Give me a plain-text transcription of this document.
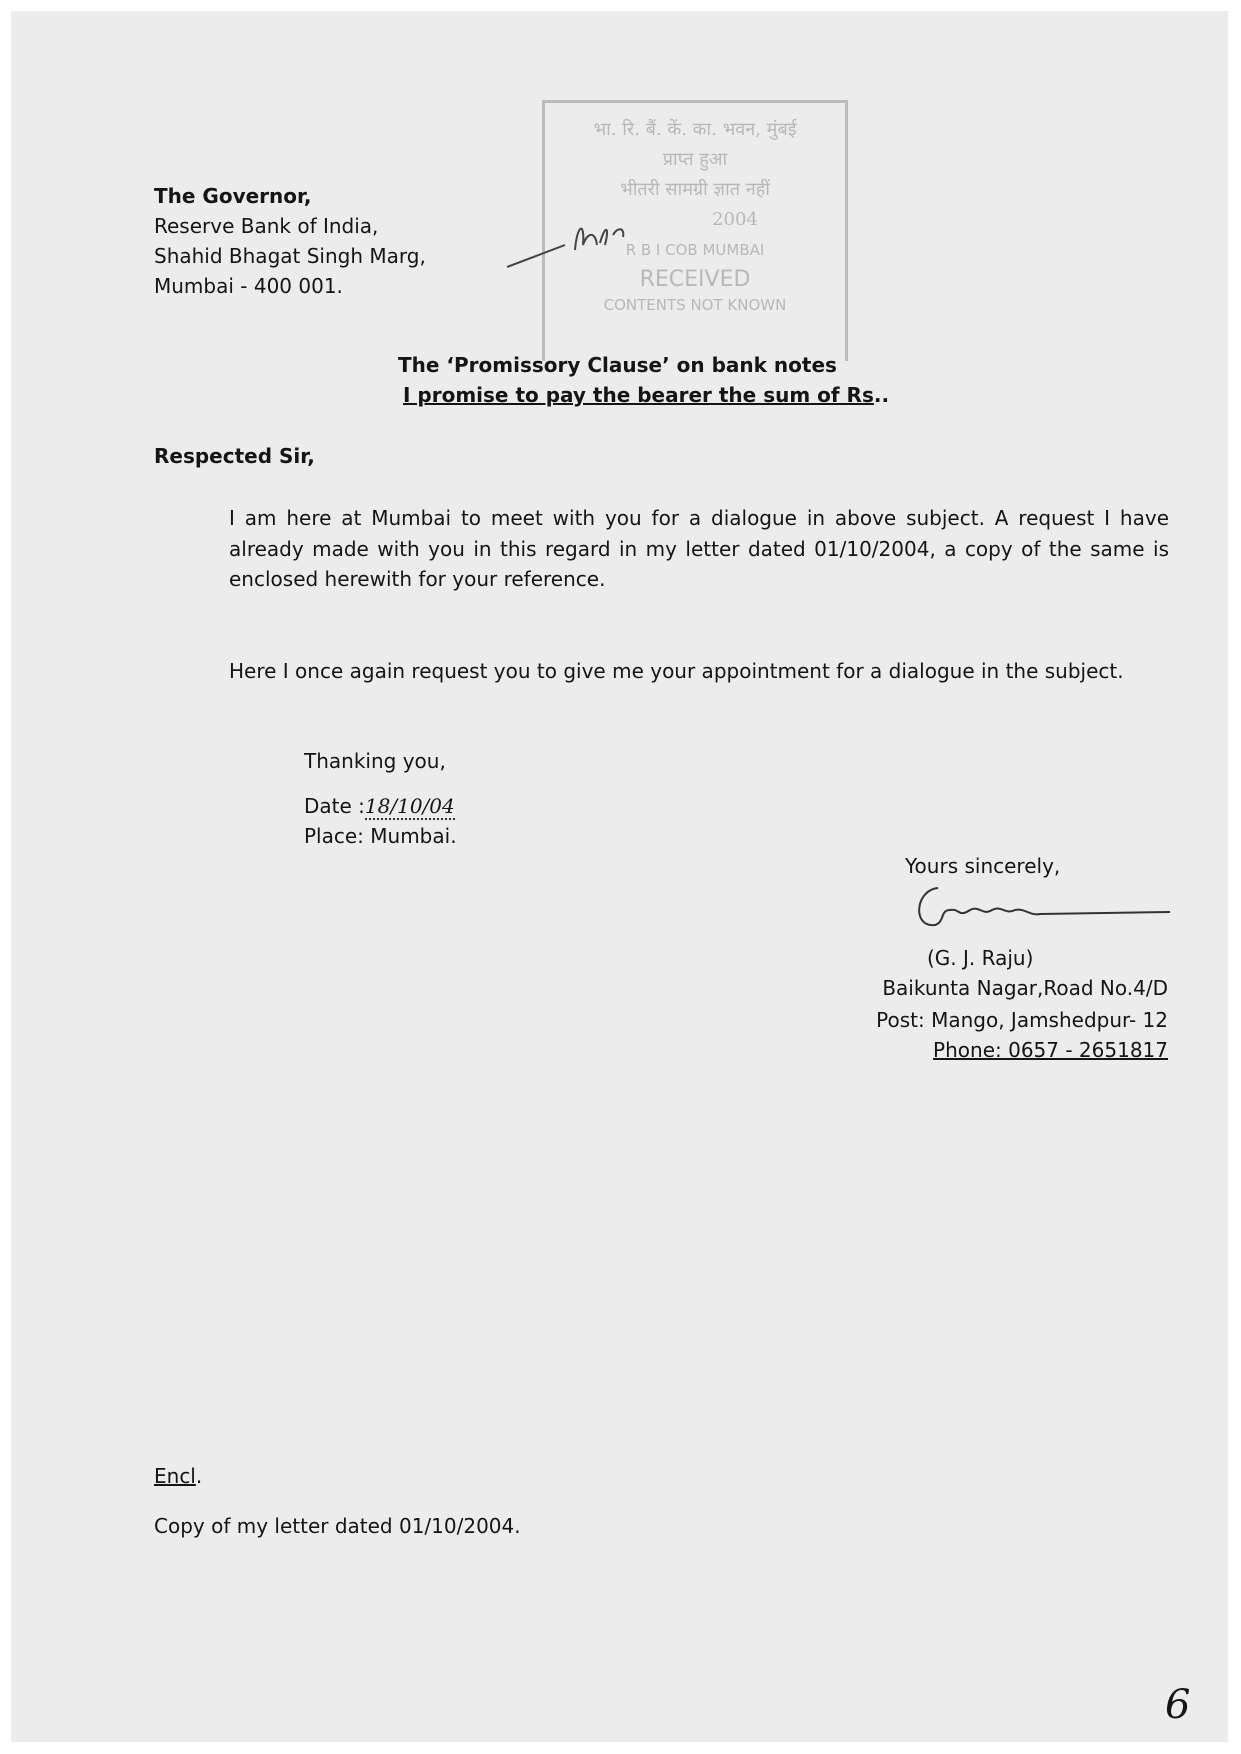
भा. रि. बैं. कें. का. भवन, मुंबई
प्राप्त हुआ
भीतरी सामग्री ज्ञात नहीं
2004
R B I COB MUMBAI
RECEIVED
CONTENTS NOT KNOWN
The Governor,
Reserve Bank of India,
Shahid Bhagat Singh Marg,
Mumbai - 400 001.
The ‘Promissory Clause’ on bank notes
I promise to pay the bearer the sum of Rs..
Respected Sir,
I am here at Mumbai to meet with you for a dialogue in above subject. A request I have already made with you in this regard in my letter dated 01/10/2004, a copy of the same is enclosed herewith for your reference.
Here I once again request you to give me your appointment for a dialogue in the subject.
Thanking you,
Date :18/10/04
Place: Mumbai.
Yours sincerely,
(G. J. Raju)
Baikunta Nagar,Road No.4/D
Post: Mango, Jamshedpur- 12
Phone: 0657 - 2651817
Encl.
Copy of my letter dated 01/10/2004.
6
